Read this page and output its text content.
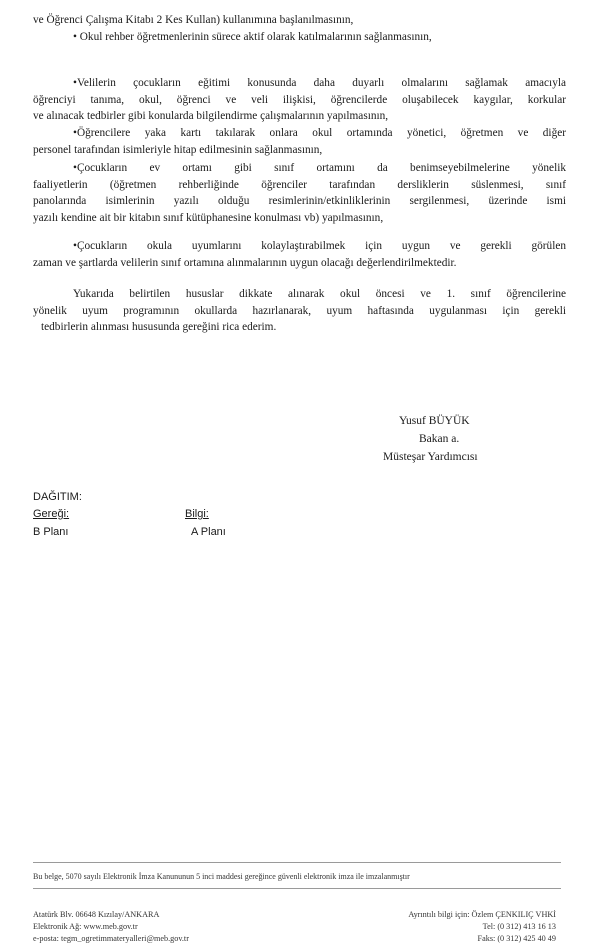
ve Öğrenci Çalışma Kitabı 2 Kes Kullan) kullanımına başlanılmasının,
• Okul rehber öğretmenlerinin sürece aktif olarak katılmalarının sağlanmasının,
•Velilerin çocukların eğitimi konusunda daha duyarlı olmalarını sağlamak amacıyla
öğrenciyi tanıma, okul, öğrenci ve veli ilişkisi, öğrencilerde oluşabilecek kaygılar, korkular
ve alınacak tedbirler gibi konularda bilgilendirme çalışmalarının yapılmasının,
•Öğrencilere yaka kartı takılarak onlara okul ortamında yönetici, öğretmen ve diğer
personel tarafından isimleriyle hitap edilmesinin sağlanmasının,
•Çocukların ev ortamı gibi sınıf ortamını da benimseyebilmelerine yönelik
faaliyetlerin (öğretmen rehberliğinde öğrenciler tarafından dersliklerin süslenmesi, sınıf
panolarında isimlerinin yazılı olduğu resimlerinin/etkinliklerinin sergilenmesi, üzerinde ismi
yazılı kendine ait bir kitabın sınıf kütüphanesine konulması vb) yapılmasının,
•Çocukların okula uyumlarını kolaylaştırabilmek için uygun ve gerekli görülen
zaman ve şartlarda velilerin sınıf ortamına alınmalarının uygun olacağı değerlendirilmektedir.
Yukarıda belirtilen hususlar dikkate alınarak okul öncesi ve 1. sınıf öğrencilerine
yönelik uyum programının okullarda hazırlanarak, uyum haftasında uygulanması için gerekli
tedbirlerin alınması hususunda gereğini rica ederim.
Yusuf BÜYÜK
Bakan a.
Müsteşar Yardımcısı
DAĞITIM:
Gereği:	Bilgi:
B Planı	A Planı
Bu belge, 5070 sayılı Elektronik İmza Kanununun 5 inci maddesi gereğince güvenli elektronik imza ile imzalanmıştır
Atatürk Blv. 06648 Kızılay/ANKARA
Elektronik Ağ: www.meb.gov.tr
e-posta: tegm_ogretimmateryalleri@meb.gov.tr
Ayrıntılı bilgi için: Özlem ÇENKILIÇ VHKİ
Tel: (0 312) 413 16 13
Faks: (0 312) 425 40 49
